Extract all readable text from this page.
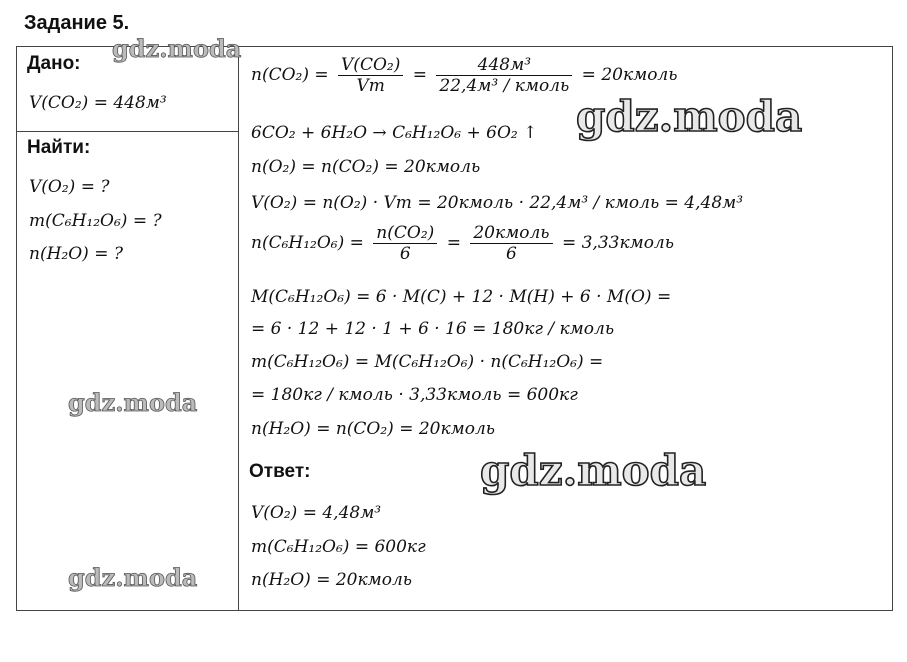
Задание 5.
Дано:
V(CO₂) = 448м³
Найти:
V(O₂) = ?
m(C₆H₁₂O₆) = ?
n(H₂O) = ?
$n(CO_2) = \frac{\text{V(CO₂)}}{Vm} = \frac{\text{448м³}}{\text{22,4м³ / кмоль}}$ = 20кмоль
6CO₂ + 6H₂O → C₆H₁₂O₆ + 6O₂ ↑
n(O₂) = n(CO₂) = 20кмоль
V(O₂) = n(O₂) · Vm = 20кмоль · 22,4м³ / кмоль = 4,48м³
$n(C_6H_{12}O_6) = \frac{\text{n(CO₂)}}{6} = \frac{\text{20кмоль}}{6}$ = 3,33кмоль
M(C₆H₁₂O₆) = 6 · M(C) + 12 · M(H) + 6 · M(O) =
= 6 · 12 + 12 · 1 + 6 · 16 = 180кг / кмоль
m(C₆H₁₂O₆) = M(C₆H₁₂O₆) · n(C₆H₁₂O₆) =
= 180кг / кмоль · 3,33кмоль = 600кг
n(H₂O) = n(CO₂) = 20кмоль
Ответ:
V(O₂) = 4,48м³
m(C₆H₁₂O₆) = 600кг
n(H₂O) = 20кмоль
gdz.moda
gdz.moda
gdz.moda
gdz.moda
gdz.moda
